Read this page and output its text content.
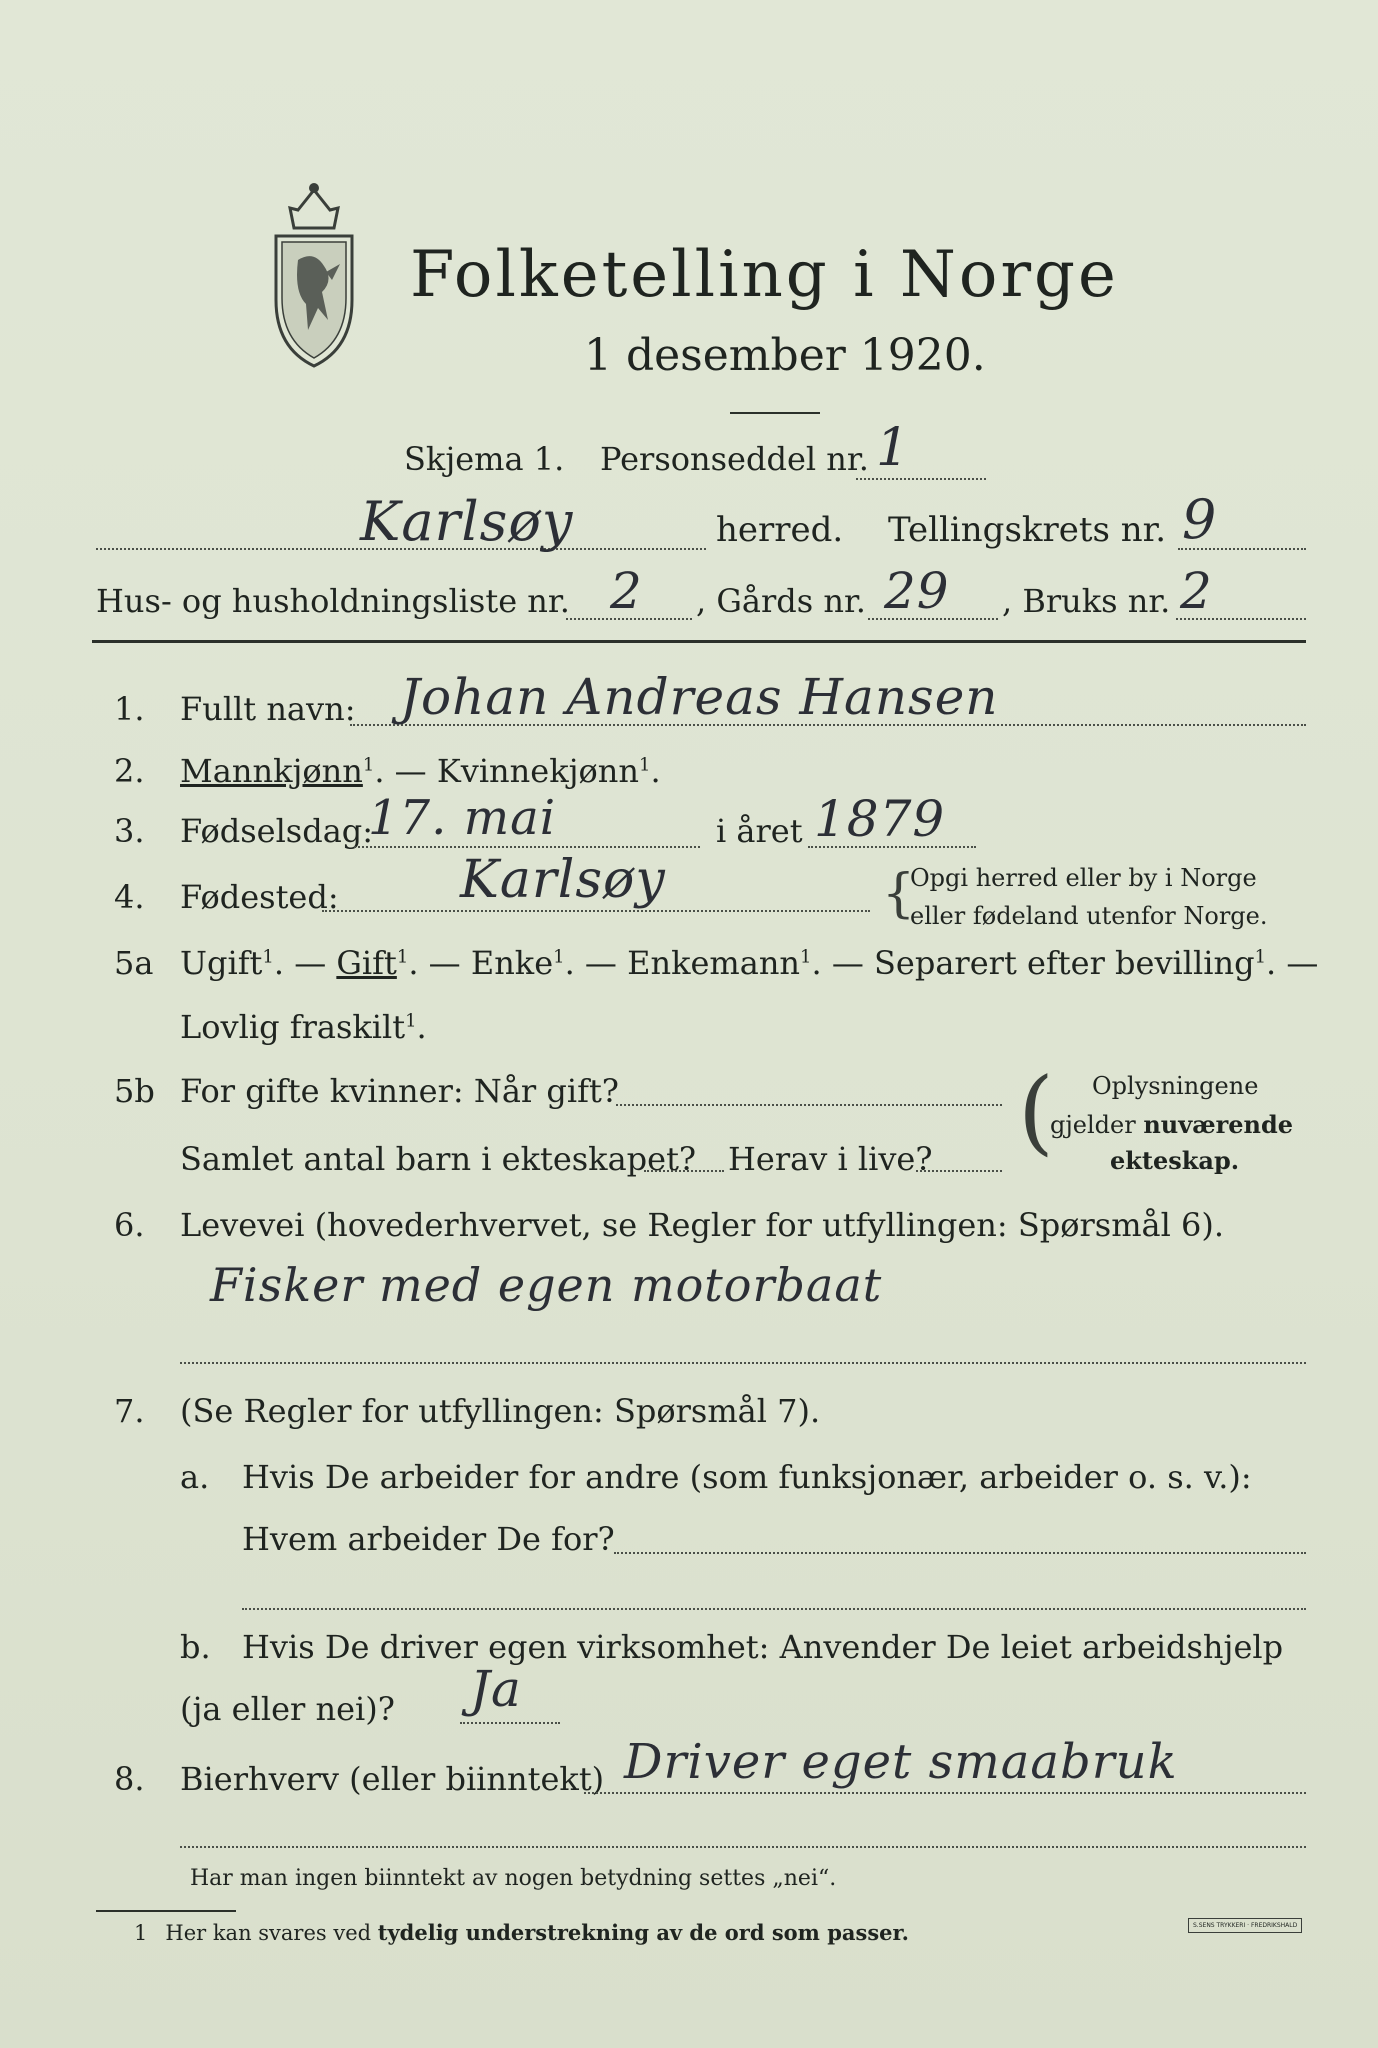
Folketelling i Norge
1 desember 1920.
Skjema 1. Personseddel nr. 1
Karlsøy	herred. Tellingskrets nr. 9
Hus- og husholdningsliste nr. 2 , Gårds nr. 29 , Bruks nr. 2
1. Fullt navn: Johan Andreas Hansen
2. Mannkjønn$^1$. — Kvinnekjønn$^1$.
3. Fødselsdag:
17. mai	i året 1879
4. Fødested: Karlsøy	{
Opgi herred eller by i Norge
eller fødeland utenfor Norge.
5a Ugift$^1$. — Gift$^1$. — Enke$^1$. — Enkemann$^1$. — Separert efter bevilling$^1$. —
Lovlig fraskilt$^1$.
5b For gifte kvinner: Når gift?
Samlet antal barn i ekteskapet? Herav i live? ( Oplysningene
gjelder nuværende
ekteskap.
6. Levevei (hovederhvervet, se Regler for utfyllingen: Spørsmål 6).
Fisker med egen motorbaat
7. (Se Regler for utfyllingen: Spørsmål 7).
a. Hvis De arbeider for andre (som funksjonær, arbeider o. s. v.):
Hvem arbeider De for?
b. Hvis De driver egen virksomhet: Anvender De leiet arbeidshjelp
(ja eller nei)? Ja
8. Bierhverv (eller biinntekt) Driver eget smaabruk
Har man ingen biinntekt av nogen betydning settes „nei“.
1 Her kan svares ved tydelig understrekning av de ord som passer.	S.SENS TRYKKERI · FREDRIKSHALD
